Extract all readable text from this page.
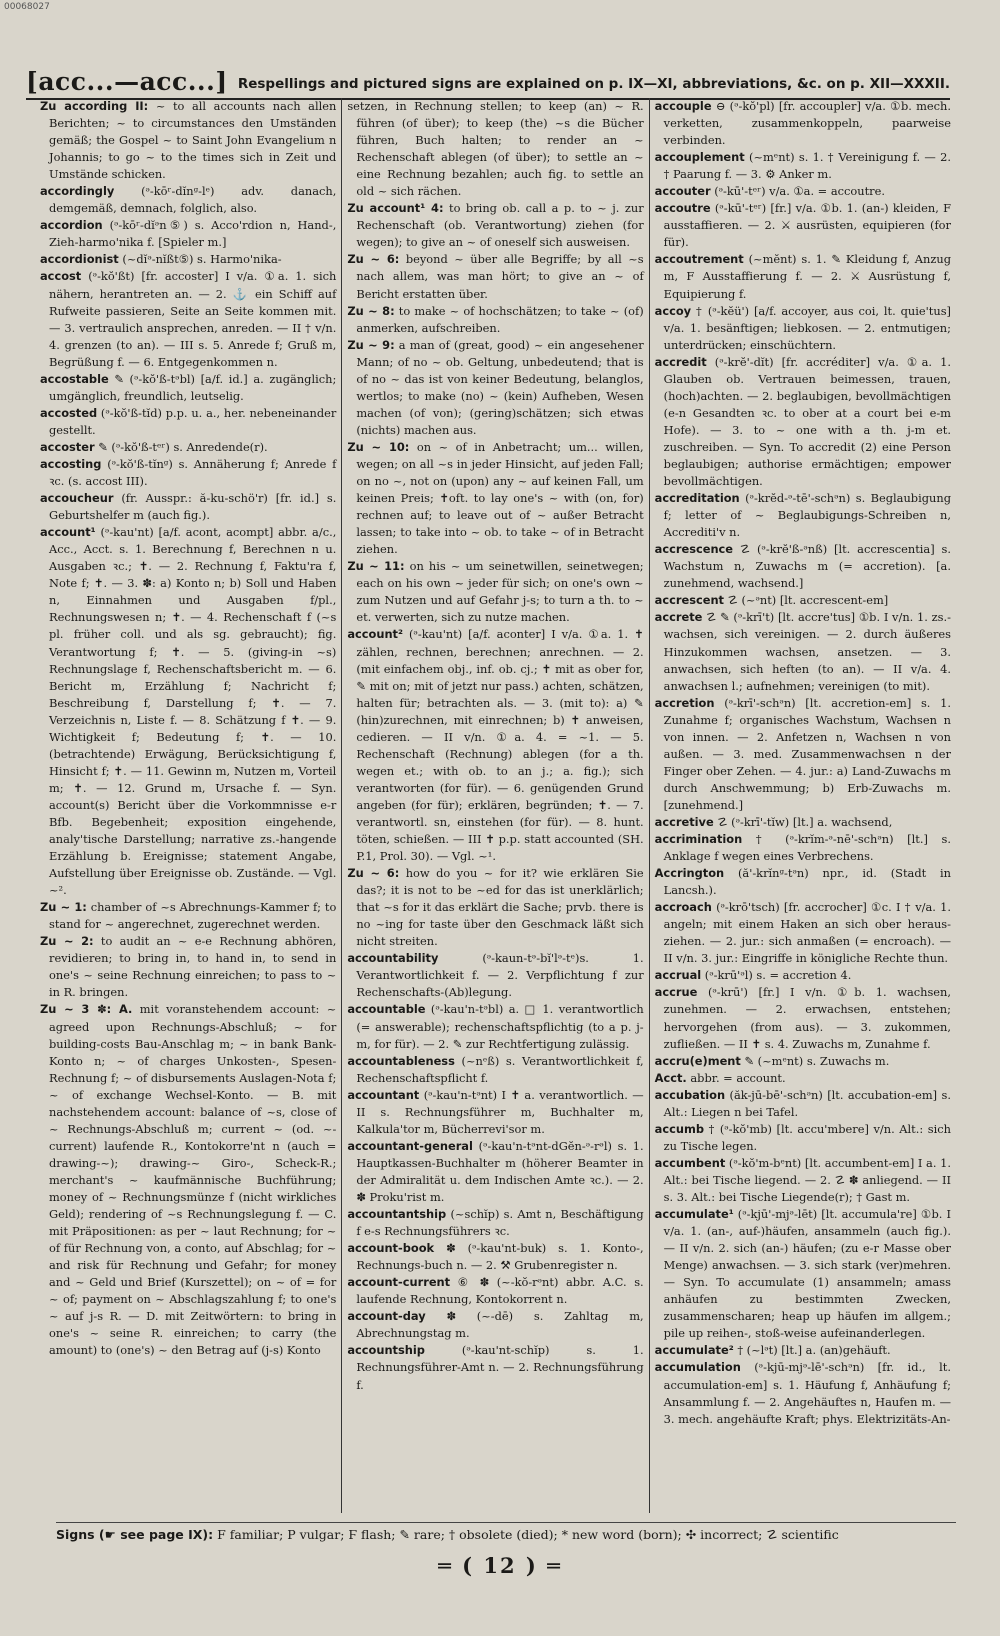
00068027
[acc...—acc...] Respellings and pictured signs are explained on p. IX—XI, abbreviations, &c. on p. XII—XXXII.

Zu according II: ~ to all accounts nach allen Berichten; ~ to circumstances den Umständen gemäß; the Gospel ~ to Saint John Evangelium n Johannis; to go ~ to the times sich in Zeit und Umstände schicken.

accordingly (ᵊ-kōʳ-dĭnᵍ-lᵉ) adv. danach, demgemäß, demnach, folglich, also.

accordion (ᵊ-kōʳ-dĭᵊn⑤) s. Acco'rdion n, Hand-, Zieh-harmo'nika f. [Spieler m.]

accordionist (~dĭᵊ-nĭßt⑤) s. Harmo'nika-

accost (ᵊ-kŏ'ßt) [fr. accoster] I v/a. ①a. 1. sich nähern, herantreten an. — 2. ⚓ ein Schiff auf Rufweite passieren, Seite an Seite kommen mit. — 3. vertraulich ansprechen, anreden. — II † v/n. 4. grenzen (to an). — III s. 5. Anrede f; Gruß m, Begrüßung f. — 6. Entgegenkommen n.

accostable ✎ (ᵊ-kŏ'ß-tᵊbl) [a/f. id.] a. zugänglich; umgänglich, freundlich, leutselig.

accosted (ᵊ-kŏ'ß-tĭd) p.p. u. a., her. nebeneinander gestellt.

accoster ✎ (ᵊ-kŏ'ß-tᵉʳ) s. Anredende(r).

accosting (ᵊ-kŏ'ß-tĭnᵍ) s. Annäherung f; Anrede f ꝛc. (s. accost III).

accoucheur (fr. Ausspr.: ă-ku-schö'r) [fr. id.] s. Geburtshelfer m (auch fig.).

account¹ (ᵊ-kau'nt) [a/f. acont, acompt] abbr. a/c., Acc., Acct. s. 1. Berechnung f, Berechnen n u. Ausgaben ꝛc.; ✝. — 2. Rechnung f, Faktu'ra f, Note f; ✝. — 3. ✽: a) Konto n; b) Soll und Haben n, Einnahmen und Ausgaben f/pl., Rechnungswesen n; ✝. — 4. Rechenschaft f (~s pl. früher coll. und als sg. gebraucht); fig. Verantwortung f; ✝. — 5. (giving-in ~s) Rechnungslage f, Rechenschaftsbericht m. — 6. Bericht m, Erzählung f; Nachricht f; Beschreibung f, Darstellung f; ✝. — 7. Verzeichnis n, Liste f. — 8. Schätzung f ✝. — 9. Wichtigkeit f; Bedeutung f; ✝. — 10. (betrachtende) Erwägung, Berücksichtigung f, Hinsicht f; ✝. — 11. Gewinn m, Nutzen m, Vorteil m; ✝. — 12. Grund m, Ursache f. — Syn. account(s) Bericht über die Vorkommnisse e-r Bfb. Begebenheit; exposition eingehende, analy'tische Darstellung; narrative zs.-hangende Erzählung b. Ereignisse; statement Angabe, Aufstellung über Ereignisse ob. Zustände. — Vgl. ~².

Zu ~ 1: chamber of ~s Abrechnungs-Kammer f; to stand for ~ angerechnet, zugerechnet werden.

Zu ~ 2: to audit an ~ e-e Rechnung abhören, revidieren; to bring in, to hand in, to send in one's ~ seine Rechnung einreichen; to pass to ~ in R. bringen.

Zu ~ 3 ✽: A. mit voranstehendem account: ~ agreed upon Rechnungs-Abschluß; ~ for building-costs Bau-Anschlag m; ~ in bank Bank-Konto n; ~ of charges Unkosten-, Spesen-Rechnung f; ~ of disbursements Auslagen-Nota f; ~ of exchange Wechsel-Konto. — B. mit nachstehendem account: balance of ~s, close of ~ Rechnungs-Abschluß m; current ~ (od. ~-current) laufende R., Kontokorre'nt n (auch = drawing-~); drawing-~ Giro-, Scheck-R.; merchant's ~ kaufmännische Buchführung; money of ~ Rechnungsmünze f (nicht wirkliches Geld); rendering of ~s Rechnungslegung f. — C. mit Präpositionen: as per ~ laut Rechnung; for ~ of für Rechnung von, a conto, auf Abschlag; for ~ and risk für Rechnung und Gefahr; for money and ~ Geld und Brief (Kurszettel); on ~ of = for ~ of; payment on ~ Abschlagszahlung f; to one's ~ auf j-s R. — D. mit Zeitwörtern: to bring in one's ~ seine R. einreichen; to carry (the amount) to (one's) ~ den Betrag auf (j-s) Konto

setzen, in Rechnung stellen; to keep (an) ~ R. führen (of über); to keep (the) ~s die Bücher führen, Buch halten; to render an ~ Rechenschaft ablegen (of über); to settle an ~ eine Rechnung bezahlen; auch fig. to settle an old ~ sich rächen.

Zu account¹ 4: to bring ob. call a p. to ~ j. zur Rechenschaft (ob. Verantwortung) ziehen (for wegen); to give an ~ of oneself sich ausweisen.

Zu ~ 6: beyond ~ über alle Begriffe; by all ~s nach allem, was man hört; to give an ~ of Bericht erstatten über.

Zu ~ 8: to make ~ of hochschätzen; to take ~ (of) anmerken, aufschreiben.

Zu ~ 9: a man of (great, good) ~ ein angesehener Mann; of no ~ ob. Geltung, unbedeutend; that is of no ~ das ist von keiner Bedeutung, belanglos, wertlos; to make (no) ~ (kein) Aufheben, Wesen machen (of von); (gering)schätzen; sich etwas (nichts) machen aus.

Zu ~ 10: on ~ of in Anbetracht; um... willen, wegen; on all ~s in jeder Hinsicht, auf jeden Fall; on no ~, not on (upon) any ~ auf keinen Fall, um keinen Preis; ✝oft. to lay one's ~ with (on, for) rechnen auf; to leave out of ~ außer Betracht lassen; to take into ~ ob. to take ~ of in Betracht ziehen.

Zu ~ 11: on his ~ um seinetwillen, seinetwegen; each on his own ~ jeder für sich; on one's own ~ zum Nutzen und auf Gefahr j-s; to turn a th. to ~ et. verwerten, sich zu nutze machen.

account² (ᵊ-kau'nt) [a/f. aconter] I v/a. ①a. 1. ✝ zählen, rechnen, berechnen; anrechnen. — 2. (mit einfachem obj., inf. ob. cj.; ✝ mit as ober for, ✎ mit on; mit of jetzt nur pass.) achten, schätzen, halten für; betrachten als. — 3. (mit to): a) ✎ (hin)zurechnen, mit einrechnen; b) ✝ anweisen, cedieren. — II v/n. ①a. 4. = ~1. — 5. Rechenschaft (Rechnung) ablegen (for a th. wegen et.; with ob. to an j.; a. fig.); sich verantworten (for für). — 6. genügenden Grund angeben (for für); erklären, begründen; ✝. — 7. verantwortl. sn, einstehen (for für). — 8. hunt. töten, schießen. — III ✝ p.p. statt accounted (SH. P.1, Prol. 30). — Vgl. ~¹.

Zu ~ 6: how do you ~ for it? wie erklären Sie das?; it is not to be ~ed for das ist unerklärlich; that ~s for it das erklärt die Sache; prvb. there is no ~ing for taste über den Geschmack läßt sich nicht streiten.

accountability	(ᵊ-kaun-tᵊ-bĭ'lᵊ-tᵉ)s. 1. Verantwortlichkeit f. — 2. Verpflichtung f zur Rechenschafts-(Ab)legung.

accountable (ᵊ-kau'n-tᵊbl) a. □ 1. verantwortlich (= answerable); rechenschaftspflichtig (to a p. j-m, for für). — 2. ✎ zur Rechtfertigung zulässig.

accountableness (~nᵉß) s. Verantwortlichkeit f, Rechenschaftspflicht f.

accountant (ᵊ-kau'n-tᵊnt) I ✝ a. verantwortlich. — II s. Rechnungsführer m, Buchhalter m, Kalkula'tor m, Bücherrevi'sor m.

accountant-general (ᵊ-kau'n-tᵊnt-dGĕn-ᵊ-rᵊl) s. 1. Hauptkassen-Buchhalter m (höherer Beamter in der Admiralität u. dem Indischen Amte ꝛc.). — 2. ✽ Proku'rist m.

accountantship (~schĭp) s. Amt n, Beschäftigung f e-s Rechnungsführers ꝛc.

account-book ✽ (ᵊ-kau'nt-buk) s. 1. Konto-, Rechnungs-buch n. — 2. ⚒ Grubenregister n.

account-current ⑥ ✽ (~-kŏ-rᵊnt) abbr. A.C. s. laufende Rechnung, Kontokorrent n.

account-day ✽ (~-dē) s. Zahltag m, Abrechnungstag m.

accountship	(ᵊ-kau'nt-schĭp) s. 1. Rechnungsführer-Amt n. — 2. Rechnungsführung f.

accouple ⊖ (ᵊ-kŏ'pl) [fr. accoupler] v/a. ①b. mech. verketten, zusammenkoppeln, paarweise verbinden.

accouplement (~mᵉnt) s. 1. † Vereinigung f. — 2. † Paarung f. — 3. ⚙ Anker m.

accouter (ᵊ-kū'-tᵉʳ) v/a. ①a. = accoutre.

accoutre (ᵊ-kū'-tᵉʳ) [fr.] v/a. ①b. 1. (an-) kleiden, F ausstaffieren. — 2. ⚔ ausrüsten, equipieren (for für).

accoutrement (~mĕnt) s. 1. ✎ Kleidung f, Anzug m, F Ausstaffierung f. — 2. ⚔ Ausrüstung f, Equipierung f.

accoy † (ᵊ-kĕü') [a/f. accoyer, aus coi, lt. quie'tus] v/a. 1. besänftigen; liebkosen. — 2. entmutigen; unterdrücken; einschüchtern.

accredit (ᵊ-krĕ'-dĭt) [fr. accréditer] v/a. ①a. 1. Glauben ob. Vertrauen beimessen, trauen, (hoch)achten. — 2. beglaubigen, bevollmächtigen (e-n Gesandten ꝛc. to ober at a court bei e-m Hofe). — 3. to ~ one with a th. j-m et. zuschreiben. — Syn. To accredit (2) eine Person beglaubigen; authorise ermächtigen; empower bevollmächtigen.

accreditation (ᵊ-krĕd-ᵊ-tē'-schᵊn) s. Beglaubigung f; letter of ~ Beglaubigungs-Schreiben n, Accrediti'v n.

accrescence ☡ (ᵊ-krĕ'ß-ᵊnß) [lt. accrescentia] s. Wachstum n, Zuwachs m (= accretion). [a. zunehmend, wachsend.]

accrescent ☡ (~ᵊnt) [lt. accrescent-em]

accrete ☡ ✎ (ᵊ-krī't) [lt. accre'tus] ①b. I v/n. 1. zs.-wachsen, sich vereinigen. — 2. durch äußeres Hinzukommen wachsen, ansetzen. — 3. anwachsen, sich heften (to an). — II v/a. 4. anwachsen l.; aufnehmen; vereinigen (to mit).

accretion (ᵊ-krī'-schᵊn) [lt. accretion-em] s. 1. Zunahme f; organisches Wachstum, Wachsen n von innen. — 2. Anfetzen n, Wachsen n von außen. — 3. med. Zusammenwachsen n der Finger ober Zehen. — 4. jur.: a) Land-Zuwachs m durch Anschwemmung; b) Erb-Zuwachs m. [zunehmend.]

accretive ☡ (ᵊ-krī'-tĭw) [lt.] a. wachsend,

accrimination † (ᵊ-krĭm-ᵊ-nē'-schᵊn) [lt.] s. Anklage f wegen eines Verbrechens.

Accrington (ă'-krĭnᵍ-tᵊn) npr., id. (Stadt in Lancsh.).

accroach (ᵊ-krō'tsch) [fr. accrocher] ①c. I † v/a. 1. angeln; mit einem Haken an sich ober heraus-ziehen. — 2. jur.: sich anmaßen (= encroach). — II v/n. 3. jur.: Eingriffe in königliche Rechte thun.

accrual (ᵊ-krū'ᵊl) s. = accretion 4.

accrue (ᵊ-krū') [fr.] I v/n. ①b. 1. wachsen, zunehmen. — 2. erwachsen, entstehen; hervorgehen (from aus). — 3. zukommen, zufließen. — II ✝ s. 4. Zuwachs m, Zunahme f.

accru(e)ment ✎ (~mᵉnt) s. Zuwachs m.

Acct. abbr. = account.

accubation (ăk-jū-bē'-schᵊn) [lt. accubation-em] s. Alt.: Liegen n bei Tafel.

accumb † (ᵊ-kŏ'mb) [lt. accu'mbere] v/n. Alt.: sich zu Tische legen.

accumbent (ᵊ-kŏ'm-bᵉnt) [lt. accumbent-em] I a. 1. Alt.: bei Tische liegend. — 2. ☡ ✽ anliegend. — II s. 3. Alt.: bei Tische Liegende(r); † Gast m.

accumulate¹ (ᵊ-kjū'-mjᵊ-lēt) [lt. accumula're] ①b. I v/a. 1. (an-, auf-)häufen, ansammeln (auch fig.). — II v/n. 2. sich (an-) häufen; (zu e-r Masse ober Menge) anwachsen. — 3. sich stark (ver)mehren. — Syn. To accumulate (1) ansammeln; amass anhäufen zu bestimmten Zwecken, zusammenscharen; heap up häufen im allgem.; pile up reihen-, stoß-weise aufeinanderlegen.

accumulate² † (~lᵊt) [lt.] a. (an)gehäuft.

accumulation (ᵊ-kjū-mjᵊ-lē'-schᵊn) [fr. id., lt. accumulation-em] s. 1. Häufung f, Anhäufung f; Ansammlung f. — 2. Angehäuftes n, Haufen m. — 3. mech. angehäufte Kraft; phys. Elektrizitäts-An-

Signs (☛ see page IX): F familiar; P vulgar; Ϝ flash; ✎ rare; † obsolete (died); * new word (born); ✣ incorrect; ☡ scientific
═ ( 12 ) ═
